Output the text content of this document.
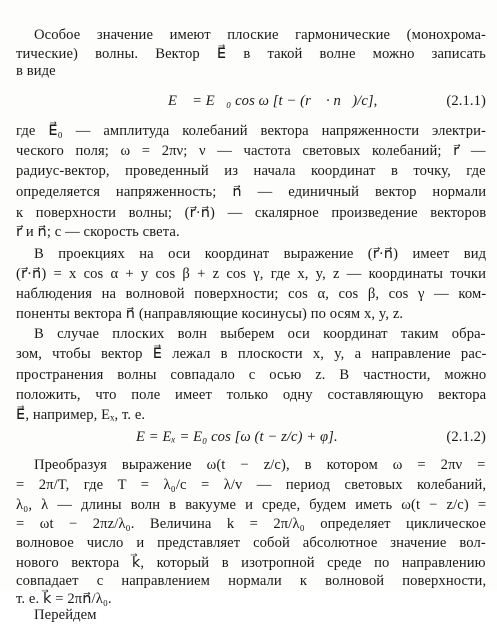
Особое значение имеют плоские гармонические (монохрома-
тические) волны. Вектор E⃗ в такой волне можно записать
в виде
E⃗ = E⃗₀ cos ω [t − (r⃗ · n⃗)/c],	(2.1.1)
где E⃗₀ — амплитуда колебаний вектора напряженности электри-
ческого поля; ω = 2πν; ν — частота световых колебаний; r⃗ —
радиус-вектор, проведенный из начала координат в точку, где
определяется напряженность; n⃗ — единичный вектор нормали
к поверхности волны; (r⃗·n⃗) — скалярное произведение векторов
r⃗ и n⃗; c — скорость света.
В проекциях на оси координат выражение (r⃗·n⃗) имеет вид
(r⃗·n⃗) = x cos α + y cos β + z cos γ, где x, y, z — координаты точки
наблюдения на волновой поверхности; cos α, cos β, cos γ — ком-
поненты вектора n⃗ (направляющие косинусы) по осям x, y, z.
В случае плоских волн выберем оси координат таким обра-
зом, чтобы вектор E⃗ лежал в плоскости x, y, а направление рас-
пространения волны совпадало с осью z. В частности, можно
положить, что поле имеет только одну составляющую вектора
E⃗, например, Eₓ, т. е.
E = Eₓ = E₀ cos [ω (t − z/c) + φ].	(2.1.2)
Преобразуя выражение ω(t − z/c), в котором ω = 2πν =
= 2π/T, где T = λ₀/c = λ/v — период световых колебаний,
λ₀, λ — длины волн в вакууме и среде, будем иметь ω(t − z/c) =
= ωt − 2πz/λ₀. Величина k = 2π/λ₀ определяет циклическое
волновое число и представляет собой абсолютное значение вол-
нового вектора k⃗, который в изотропной среде по направлению
совпадает с направлением нормали к волновой поверхности,
т. е. k⃗ = 2πn⃗/λ₀.
Перейдем
